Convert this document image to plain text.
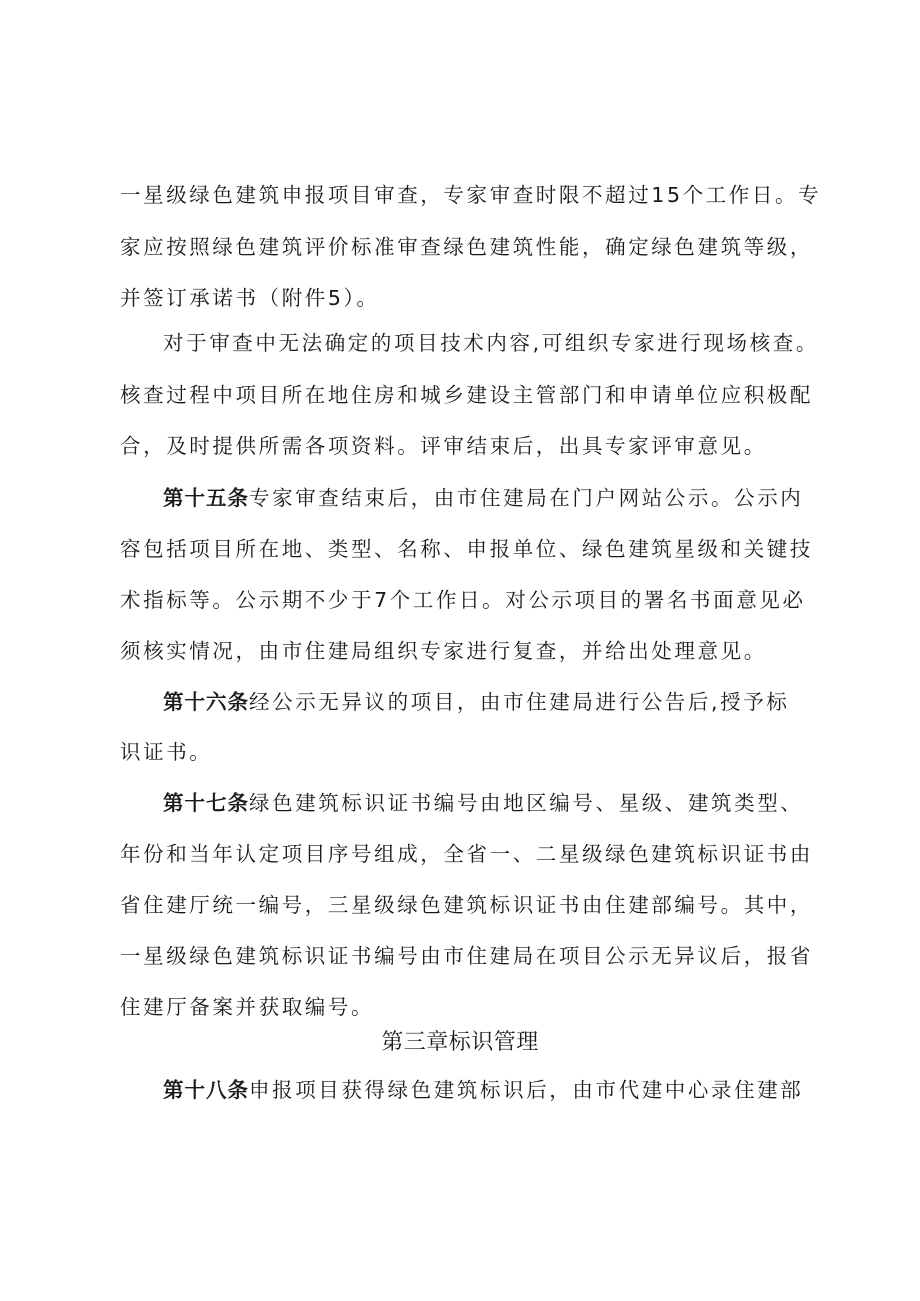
一星级绿色建筑申报项目审查，专家审查时限不超过15个工作日。专
家应按照绿色建筑评价标准审查绿色建筑性能，确定绿色建筑等级，
并签订承诺书（附件5）。
对于审查中无法确定的项目技术内容,可组织专家进行现场核查。
核查过程中项目所在地住房和城乡建设主管部门和申请单位应积极配
合，及时提供所需各项资料。评审结束后，出具专家评审意见。
第十五条专家审查结束后，由市住建局在门户网站公示。公示内
容包括项目所在地、类型、名称、申报单位、绿色建筑星级和关键技
术指标等。公示期不少于7个工作日。对公示项目的署名书面意见必
须核实情况，由市住建局组织专家进行复查，并给出处理意见。
第十六条经公示无异议的项目，由市住建局进行公告后,授予标
识证书。
第十七条绿色建筑标识证书编号由地区编号、星级、建筑类型、
年份和当年认定项目序号组成，全省一、二星级绿色建筑标识证书由
省住建厅统一编号，三星级绿色建筑标识证书由住建部编号。其中，
一星级绿色建筑标识证书编号由市住建局在项目公示无异议后，报省
住建厅备案并获取编号。
第三章标识管理
第十八条申报项目获得绿色建筑标识后，由市代建中心录住建部
